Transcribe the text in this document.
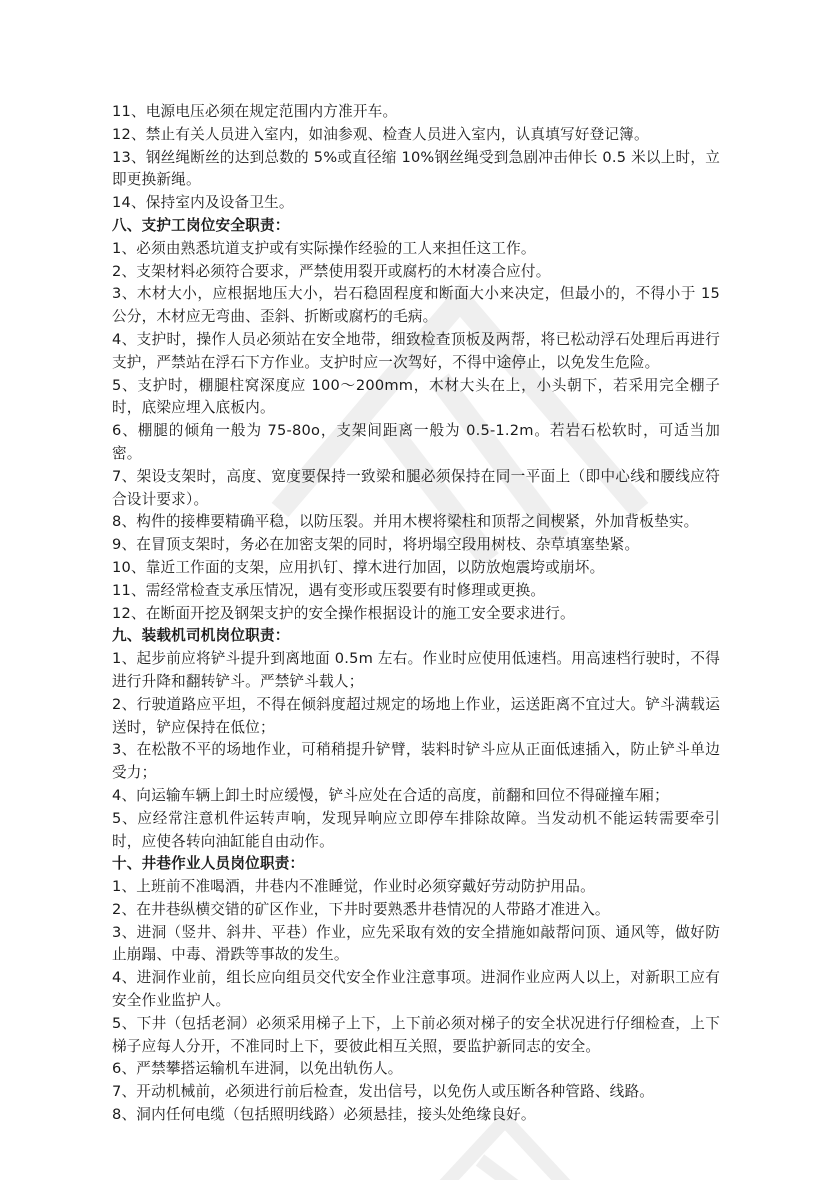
11、电源电压必须在规定范围内方准开车。

12、禁止有关人员进入室内，如油参观、检查人员进入室内，认真填写好登记簿。

13、钢丝绳断丝的达到总数的 5%或直径缩 10%钢丝绳受到急剧冲击伸长 0.5 米以上时，立即更换新绳。

14、保持室内及设备卫生。

八、支护工岗位安全职责：

1、必须由熟悉坑道支护或有实际操作经验的工人来担任这工作。

2、支架材料必须符合要求，严禁使用裂开或腐朽的木材凑合应付。

3、木材大小，应根据地压大小，岩石稳固程度和断面大小来决定，但最小的，不得小于 15 公分，木材应无弯曲、歪斜、折断或腐朽的毛病。

4、支护时，操作人员必须站在安全地带，细致检查顶板及两帮，将已松动浮石处理后再进行支护，严禁站在浮石下方作业。支护时应一次驾好，不得中途停止，以免发生危险。

5、支护时，棚腿柱窝深度应 100～200mm，木材大头在上，小头朝下，若采用完全棚子时，底梁应埋入底板内。

6、棚腿的倾角一般为 75-80o，支架间距离一般为 0.5-1.2m。若岩石松软时，可适当加密。

7、架设支架时，高度、宽度要保持一致梁和腿必须保持在同一平面上（即中心线和腰线应符合设计要求）。

8、构件的接榫要精确平稳，以防压裂。并用木楔将梁柱和顶帮之间楔紧，外加背板垫实。

9、在冒顶支架时，务必在加密支架的同时，将坍塌空段用树枝、杂草填塞垫紧。

10、靠近工作面的支架，应用扒钉、撑木进行加固，以防放炮震垮或崩坏。

11、需经常检查支承压情况，遇有变形或压裂要有时修理或更换。

12、在断面开挖及钢架支护的安全操作根据设计的施工安全要求进行。

九、装载机司机岗位职责：

1、起步前应将铲斗提升到离地面 0.5m 左右。作业时应使用低速档。用高速档行驶时，不得进行升降和翻转铲斗。严禁铲斗载人；

2、行驶道路应平坦，不得在倾斜度超过规定的场地上作业，运送距离不宜过大。铲斗满载运送时，铲应保持在低位；

3、在松散不平的场地作业，可稍稍提升铲臂，装料时铲斗应从正面低速插入，防止铲斗单边受力；

4、向运输车辆上卸土时应缓慢，铲斗应处在合适的高度，前翻和回位不得碰撞车厢；

5、应经常注意机件运转声响，发现异响应立即停车排除故障。当发动机不能运转需要牵引时，应使各转向油缸能自由动作。

十、井巷作业人员岗位职责：

1、上班前不准喝酒，井巷内不准睡觉，作业时必须穿戴好劳动防护用品。

2、在井巷纵横交错的矿区作业，下井时要熟悉井巷情况的人带路才准进入。

3、进洞（竖井、斜井、平巷）作业，应先采取有效的安全措施如敲帮问顶、通风等，做好防止崩蹋、中毒、滑跌等事故的发生。

4、进洞作业前，组长应向组员交代安全作业注意事项。进洞作业应两人以上，对新职工应有安全作业监护人。

5、下井（包括老洞）必须采用梯子上下，上下前必须对梯子的安全状况进行仔细检查，上下梯子应每人分开，不准同时上下，要彼此相互关照，要监护新同志的安全。

6、严禁攀搭运输机车进洞，以免出轨伤人。

7、开动机械前，必须进行前后检查，发出信号，以免伤人或压断各种管路、线路。

8、洞内任何电缆（包括照明线路）必须悬挂，接头处绝缘良好。
